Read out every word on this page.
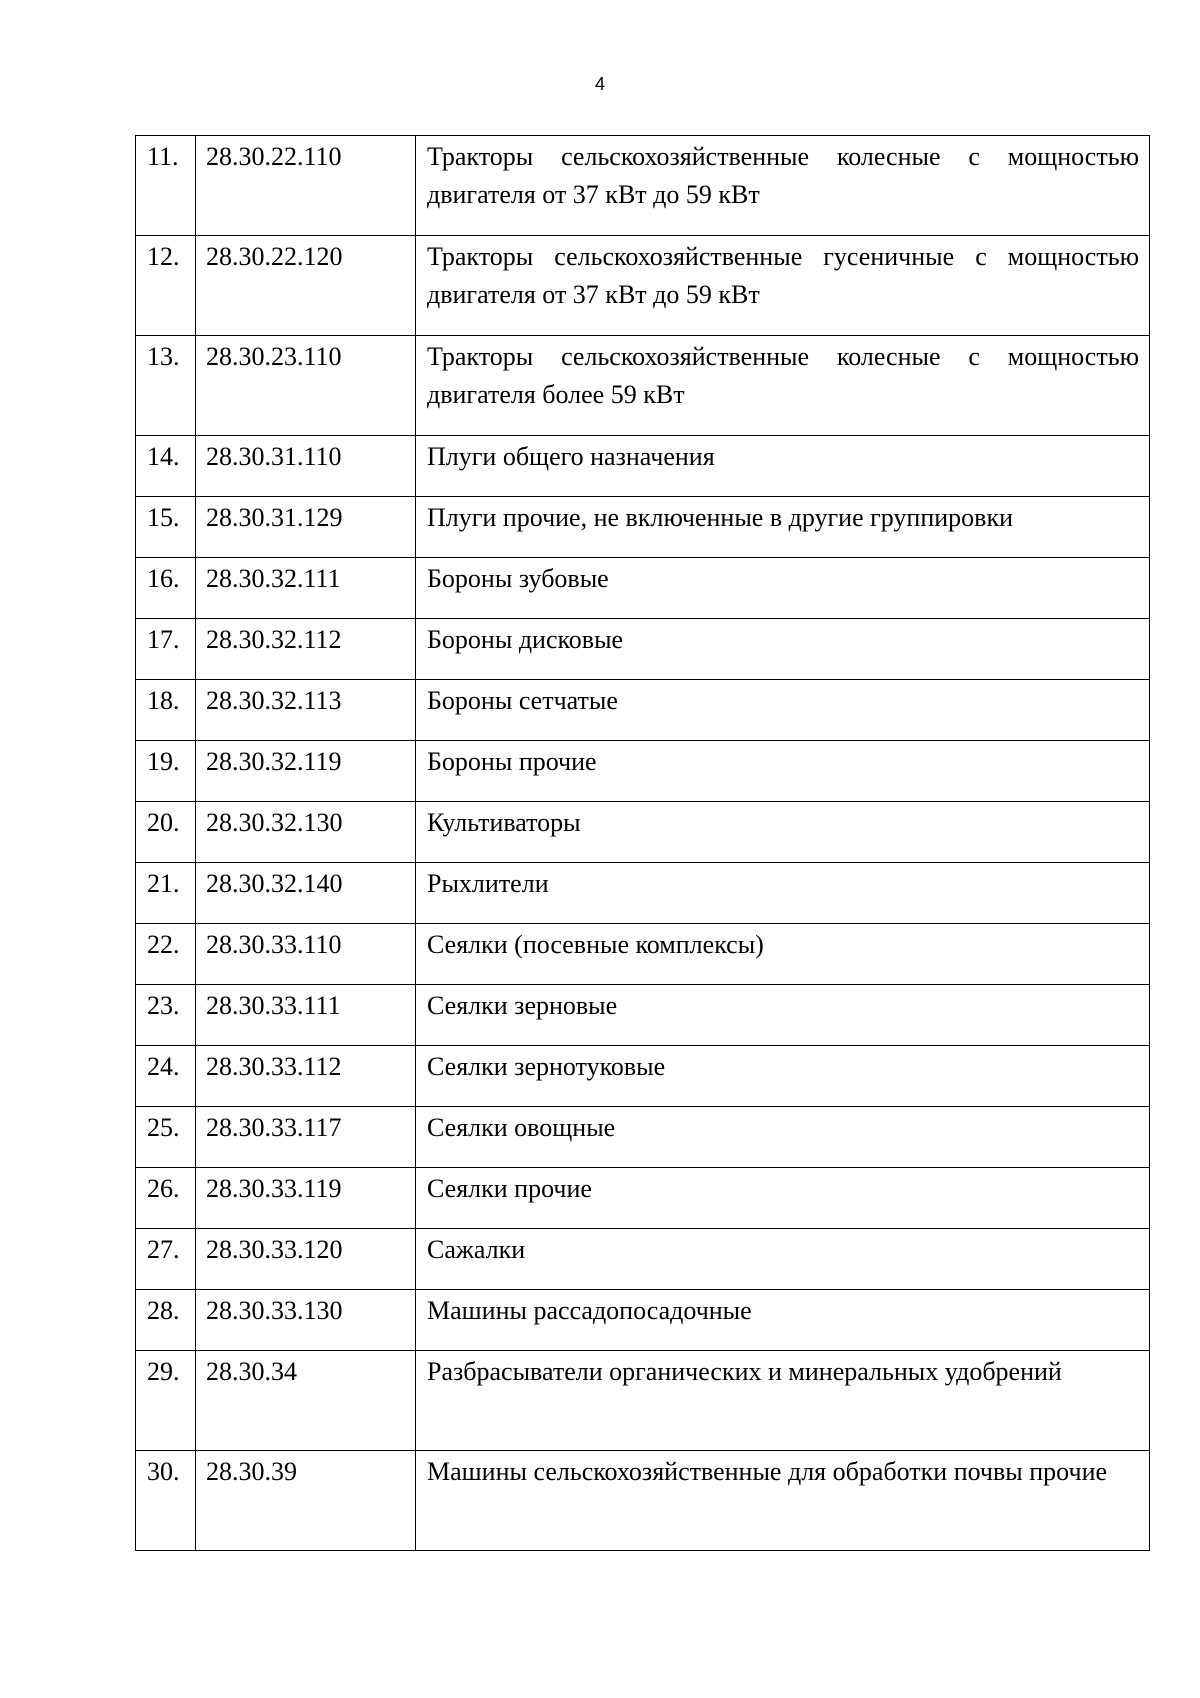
4
11.	28.30.22.110	Тракторы сельскохозяйственные колесные с мощностью двигателя от 37 кВт до 59 кВт
12.	28.30.22.120	Тракторы сельскохозяйственные гусеничные с мощностью двигателя от 37 кВт до 59 кВт
13.	28.30.23.110	Тракторы сельскохозяйственные колесные с мощностью двигателя более 59 кВт
14.	28.30.31.110	Плуги общего назначения
15.	28.30.31.129	Плуги прочие, не включенные в другие группировки
16.	28.30.32.111	Бороны зубовые
17.	28.30.32.112	Бороны дисковые
18.	28.30.32.113	Бороны сетчатые
19.	28.30.32.119	Бороны прочие
20.	28.30.32.130	Культиваторы
21.	28.30.32.140	Рыхлители
22.	28.30.33.110	Сеялки (посевные комплексы)
23.	28.30.33.111	Сеялки зерновые
24.	28.30.33.112	Сеялки зернотуковые
25.	28.30.33.117	Сеялки овощные
26.	28.30.33.119	Сеялки прочие
27.	28.30.33.120	Сажалки
28.	28.30.33.130	Машины рассадопосадочные
29.	28.30.34	Разбрасыватели органических и минеральных удобрений
30.	28.30.39	Машины сельскохозяйственные для обработки почвы прочие
